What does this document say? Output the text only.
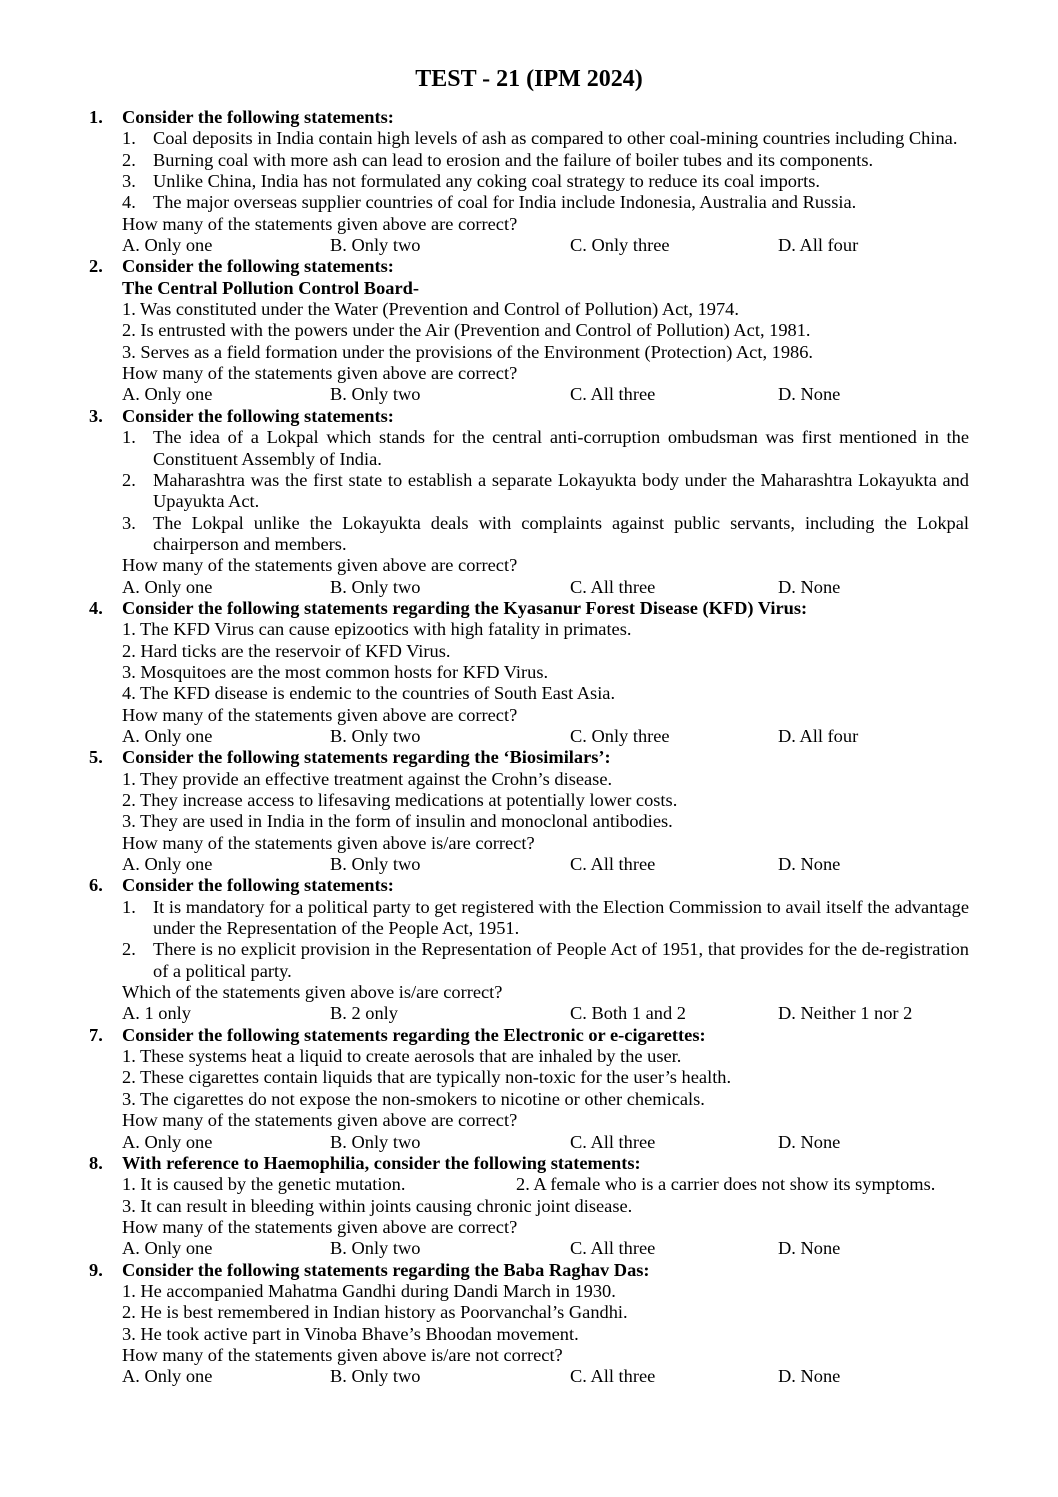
TEST - 21 (IPM 2024)
1.	Consider the following statements:
1. Coal deposits in India contain high levels of ash as compared to other coal-mining countries including China.
2. Burning coal with more ash can lead to erosion and the failure of boiler tubes and its components.
3. Unlike China, India has not formulated any coking coal strategy to reduce its coal imports.
4. The major overseas supplier countries of coal for India include Indonesia, Australia and Russia.
How many of the statements given above are correct?
A. Only one	B. Only two	C. Only three	D. All four
2.	Consider the following statements:
The Central Pollution Control Board-
1. Was constituted under the Water (Prevention and Control of Pollution) Act, 1974.
2. Is entrusted with the powers under the Air (Prevention and Control of Pollution) Act, 1981.
3. Serves as a field formation under the provisions of the Environment (Protection) Act, 1986.
How many of the statements given above are correct?
A. Only one	B. Only two	C. All three	D. None
3.	Consider the following statements:
1. The idea of a Lokpal which stands for the central anti-corruption ombudsman was first mentioned in the Constituent Assembly of India.
2. Maharashtra was the first state to establish a separate Lokayukta body under the Maharashtra Lokayukta and Upayukta Act.
3. The Lokpal unlike the Lokayukta deals with complaints against public servants, including the Lokpal chairperson and members.
How many of the statements given above are correct?
A. Only one	B. Only two	C. All three	D. None
4.	Consider the following statements regarding the Kyasanur Forest Disease (KFD) Virus:
1. The KFD Virus can cause epizootics with high fatality in primates.
2. Hard ticks are the reservoir of KFD Virus.
3. Mosquitoes are the most common hosts for KFD Virus.
4. The KFD disease is endemic to the countries of South East Asia.
How many of the statements given above are correct?
A. Only one	B. Only two	C. Only three	D. All four
5.	Consider the following statements regarding the ‘Biosimilars’:
1. They provide an effective treatment against the Crohn’s disease.
2. They increase access to lifesaving medications at potentially lower costs.
3. They are used in India in the form of insulin and monoclonal antibodies.
How many of the statements given above is/are correct?
A. Only one	B. Only two	C. All three	D. None
6.	Consider the following statements:
1. It is mandatory for a political party to get registered with the Election Commission to avail itself the advantage under the Representation of the People Act, 1951.
2. There is no explicit provision in the Representation of People Act of 1951, that provides for the de-registration of a political party.
Which of the statements given above is/are correct?
A. 1 only	B. 2 only	C. Both 1 and 2	D. Neither 1 nor 2
7.	Consider the following statements regarding the Electronic or e-cigarettes:
1. These systems heat a liquid to create aerosols that are inhaled by the user.
2. These cigarettes contain liquids that are typically non-toxic for the user’s health.
3. The cigarettes do not expose the non-smokers to nicotine or other chemicals.
How many of the statements given above are correct?
A. Only one	B. Only two	C. All three	D. None
8.	With reference to Haemophilia, consider the following statements:
1. It is caused by the genetic mutation.	2. A female who is a carrier does not show its symptoms.
3. It can result in bleeding within joints causing chronic joint disease.
How many of the statements given above are correct?
A. Only one	B. Only two	C. All three	D. None
9.	Consider the following statements regarding the Baba Raghav Das:
1. He accompanied Mahatma Gandhi during Dandi March in 1930.
2. He is best remembered in Indian history as Poorvanchal’s Gandhi.
3. He took active part in Vinoba Bhave’s Bhoodan movement.
How many of the statements given above is/are not correct?
A. Only one	B. Only two	C. All three	D. None
